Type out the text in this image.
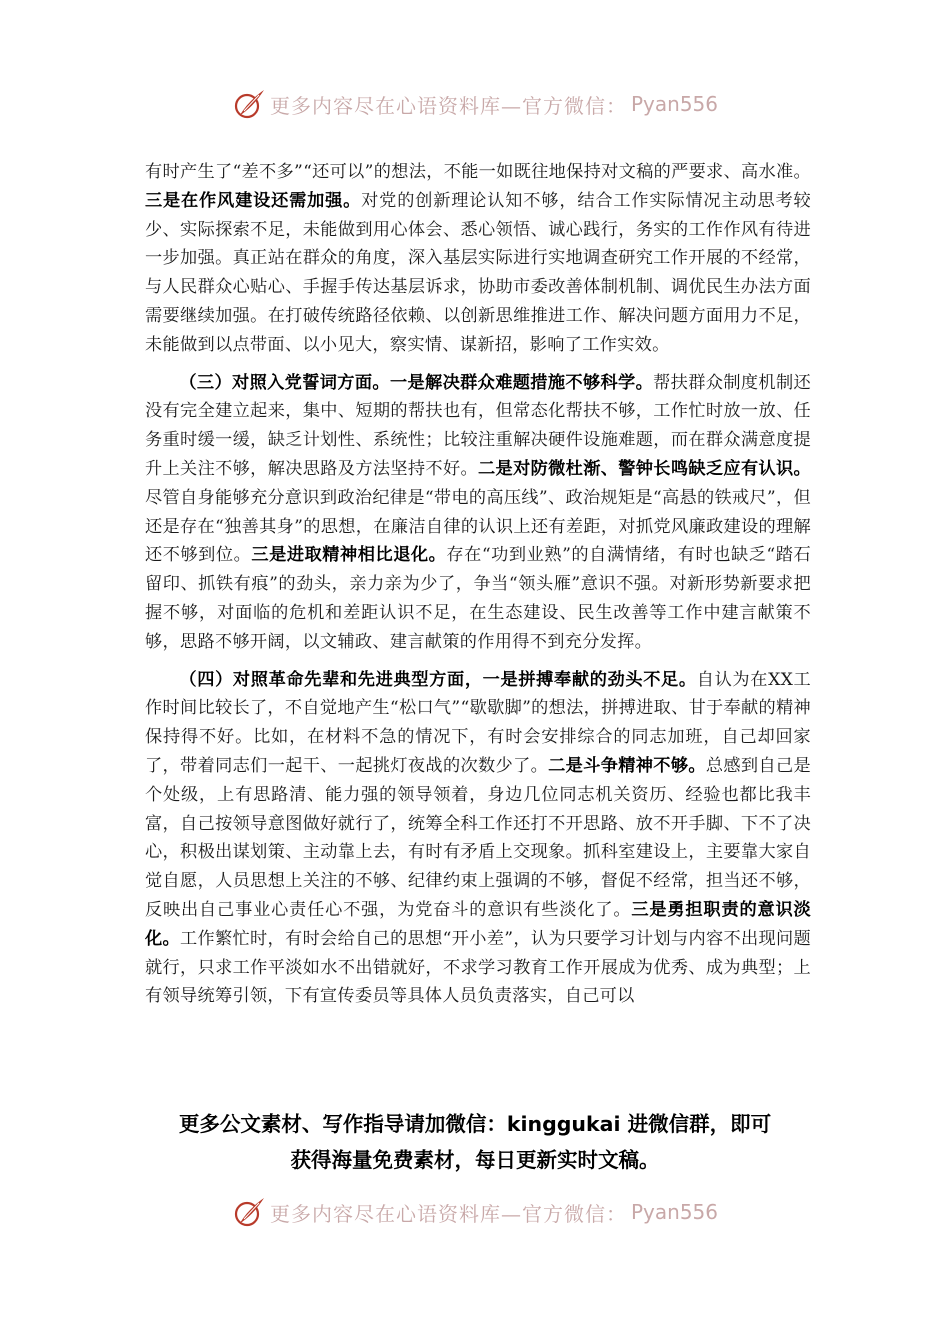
更多内容尽在心语资料库—官方微信： Pyan556

有时产生了“差不多”“还可以”的想法，不能一如既往地保持对文稿的严要求、高水准。三是在作风建设还需加强。对党的创新理论认知不够，结合工作实际情况主动思考较少、实际探索不足，未能做到用心体会、悉心领悟、诚心践行，务实的工作作风有待进一步加强。真正站在群众的角度，深入基层实际进行实地调查研究工作开展的不经常，与人民群众心贴心、手握手传达基层诉求，协助市委改善体制机制、调优民生办法方面需要继续加强。在打破传统路径依赖、以创新思维推进工作、解决问题方面用力不足，未能做到以点带面、以小见大，察实情、谋新招，影响了工作实效。

（三）对照入党誓词方面。一是解决群众难题措施不够科学。帮扶群众制度机制还没有完全建立起来，集中、短期的帮扶也有，但常态化帮扶不够，工作忙时放一放、任务重时缓一缓，缺乏计划性、系统性；比较注重解决硬件设施难题，而在群众满意度提升上关注不够，解决思路及方法坚持不好。二是对防微杜渐、警钟长鸣缺乏应有认识。尽管自身能够充分意识到政治纪律是“带电的高压线”、政治规矩是“高悬的铁戒尺”，但还是存在“独善其身”的思想，在廉洁自律的认识上还有差距，对抓党风廉政建设的理解还不够到位。三是进取精神相比退化。存在“功到业熟”的自满情绪，有时也缺乏“踏石留印、抓铁有痕”的劲头，亲力亲为少了，争当“领头雁”意识不强。对新形势新要求把握不够，对面临的危机和差距认识不足，在生态建设、民生改善等工作中建言献策不够，思路不够开阔，以文辅政、建言献策的作用得不到充分发挥。

（四）对照革命先辈和先进典型方面，一是拼搏奉献的劲头不足。自认为在XX工作时间比较长了，不自觉地产生“松口气”“歇歇脚”的想法，拼搏进取、甘于奉献的精神保持得不好。比如，在材料不急的情况下，有时会安排综合的同志加班，自己却回家了，带着同志们一起干、一起挑灯夜战的次数少了。二是斗争精神不够。总感到自己是个处级，上有思路清、能力强的领导领着，身边几位同志机关资历、经验也都比我丰富，自己按领导意图做好就行了，统筹全科工作还打不开思路、放不开手脚、下不了决心，积极出谋划策、主动靠上去，有时有矛盾上交现象。抓科室建设上，主要靠大家自觉自愿，人员思想上关注的不够、纪律约束上强调的不够，督促不经常，担当还不够，反映出自己事业心责任心不强，为党奋斗的意识有些淡化了。三是勇担职责的意识淡化。工作繁忙时，有时会给自己的思想“开小差”，认为只要学习计划与内容不出现问题就行，只求工作平淡如水不出错就好，不求学习教育工作开展成为优秀、成为典型；上有领导统筹引领，下有宣传委员等具体人员负责落实，自己可以

更多公文素材、写作指导请加微信：kinggukai 进微信群，即可
获得海量免费素材，每日更新实时文稿。
更多内容尽在心语资料库—官方微信： Pyan556
